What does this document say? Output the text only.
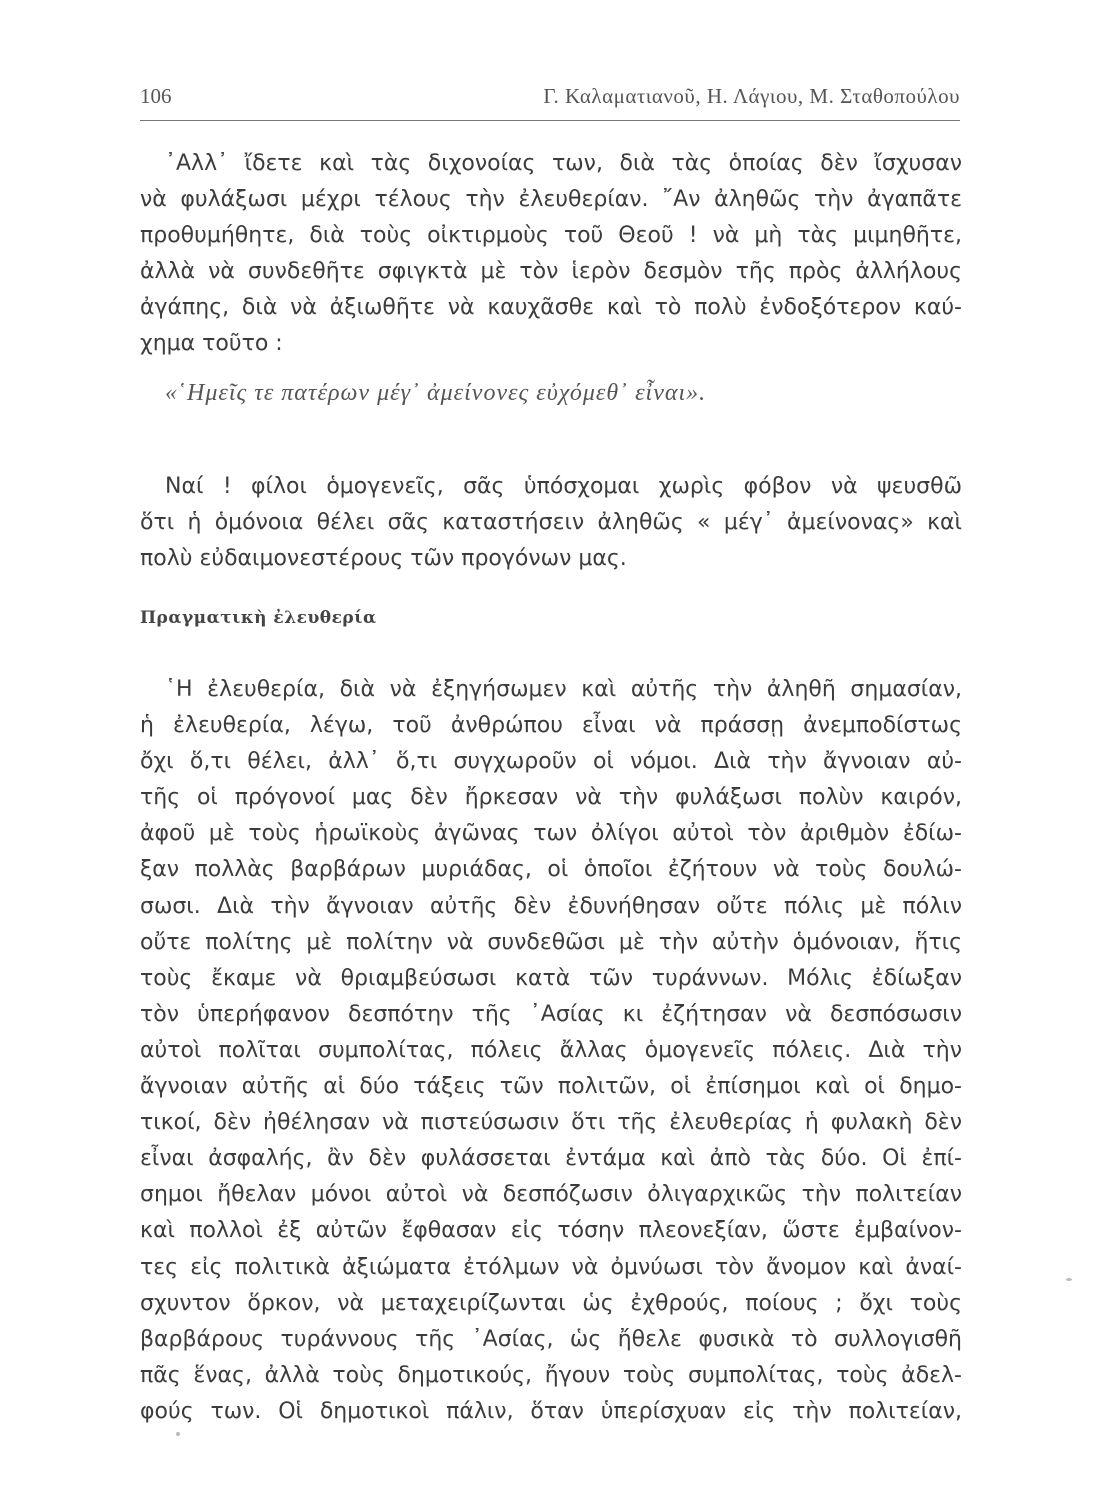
106	Γ. Καλαματιανοῦ, Η. Λάγιου, Μ. Σταθοπούλου
᾿Αλλ᾿ ἴδετε καὶ τὰς διχονοίας των, διὰ τὰς ὁποίας δὲν ἴσχυσαν
νὰ φυλάξωσι μέχρι τέλους τὴν ἐλευθερίαν. ῎Αν ἀληθῶς τὴν ἀγαπᾶτε
προθυμήθητε, διὰ τοὺς οἰκτιρμοὺς τοῦ Θεοῦ ! νὰ μὴ τὰς μιμηθῆτε,
ἀλλὰ νὰ συνδεθῆτε σφιγκτὰ μὲ τὸν ἱερὸν δεσμὸν τῆς πρὸς ἀλλήλους
ἀγάπης, διὰ νὰ ἀξιωθῆτε νὰ καυχᾶσθε καὶ τὸ πολὺ ἐνδοξότερον καύ-
χημα τοῦτο :
«῾Ημεῖς τε πατέρων μέγ᾿ ἀμείνονες εὐχόμεθ᾿ εἶναι».
Ναί ! φίλοι ὁμογενεῖς, σᾶς ὑπόσχομαι χωρὶς φόβον νὰ ψευσθῶ
ὅτι ἡ ὁμόνοια θέλει σᾶς καταστήσειν ἀληθῶς « μέγ᾿ ἀμείνονας» καὶ
πολὺ εὐδαιμονεστέρους τῶν προγόνων μας.
Πραγματικὴ ἐλευθερία
῾Η ἐλευθερία, διὰ νὰ ἐξηγήσωμεν καὶ αὐτῆς τὴν ἀληθῆ σημασίαν,
ἡ ἐλευθερία, λέγω, τοῦ ἀνθρώπου εἶναι νὰ πράσσῃ ἀνεμποδίστως
ὄχι ὅ,τι θέλει, ἀλλ᾿ ὅ,τι συγχωροῦν οἱ νόμοι. Διὰ τὴν ἄγνοιαν αὐ-
τῆς οἱ πρόγονοί μας δὲν ἤρκεσαν νὰ τὴν φυλάξωσι πολὺν καιρόν,
ἀφοῦ μὲ τοὺς ἡρωϊκοὺς ἀγῶνας των ὀλίγοι αὐτοὶ τὸν ἀριθμὸν ἐδίω-
ξαν πολλὰς βαρβάρων μυριάδας, οἱ ὁποῖοι ἐζήτουν νὰ τοὺς δουλώ-
σωσι. Διὰ τὴν ἄγνοιαν αὐτῆς δὲν ἐδυνήθησαν οὔτε πόλις μὲ πόλιν
οὔτε πολίτης μὲ πολίτην νὰ συνδεθῶσι μὲ τὴν αὐτὴν ὁμόνοιαν, ἥτις
τοὺς ἔκαμε νὰ θριαμβεύσωσι κατὰ τῶν τυράννων. Μόλις ἐδίωξαν
τὸν ὑπερήφανον δεσπότην τῆς ᾿Ασίας κι ἐζήτησαν νὰ δεσπόσωσιν
αὐτοὶ πολῖται συμπολίτας, πόλεις ἄλλας ὁμογενεῖς πόλεις. Διὰ τὴν
ἄγνοιαν αὐτῆς αἱ δύο τάξεις τῶν πολιτῶν, οἱ ἐπίσημοι καὶ οἱ δημο-
τικοί, δὲν ἠθέλησαν νὰ πιστεύσωσιν ὅτι τῆς ἐλευθερίας ἡ φυλακὴ δὲν
εἶναι ἀσφαλής, ἂν δὲν φυλάσσεται ἐντάμα καὶ ἀπὸ τὰς δύο. Οἱ ἐπί-
σημοι ἤθελαν μόνοι αὐτοὶ νὰ δεσπόζωσιν ὀλιγαρχικῶς τὴν πολιτείαν
καὶ πολλοὶ ἐξ αὐτῶν ἔφθασαν εἰς τόσην πλεονεξίαν, ὥστε ἐμβαίνον-
τες εἰς πολιτικὰ ἀξιώματα ἐτόλμων νὰ ὀμνύωσι τὸν ἄνομον καὶ ἀναί-
σχυντον ὅρκον, νὰ μεταχειρίζωνται ὡς ἐχθρούς, ποίους ; ὄχι τοὺς
βαρβάρους τυράννους τῆς ᾿Ασίας, ὡς ἤθελε φυσικὰ τὸ συλλογισθῆ
πᾶς ἕνας, ἀλλὰ τοὺς δημοτικούς, ἤγουν τοὺς συμπολίτας, τοὺς ἀδελ-
φούς των. Οἱ δημοτικοὶ πάλιν, ὅταν ὑπερίσχυαν εἰς τὴν πολιτείαν,
